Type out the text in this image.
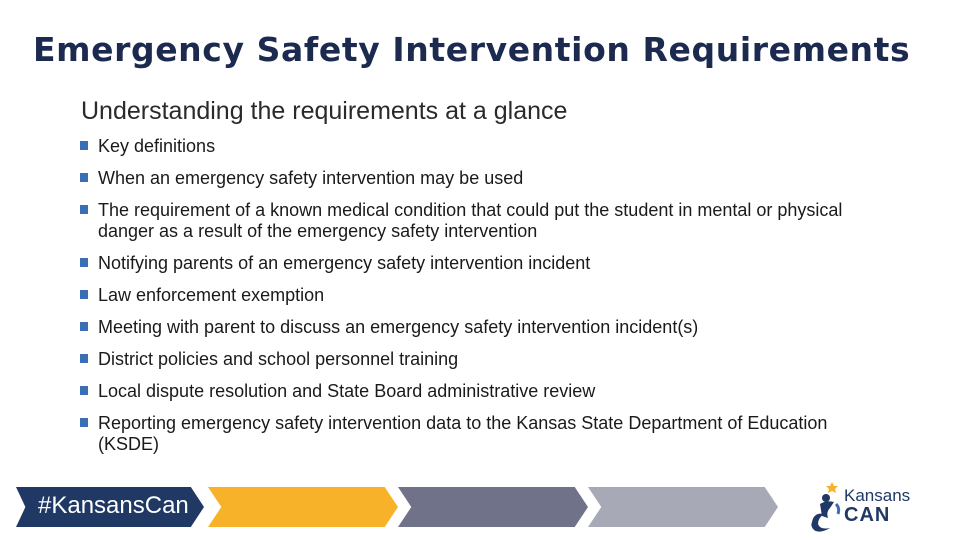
Emergency Safety Intervention Requirements
Understanding the requirements at a glance
Key definitions
When an emergency safety intervention may be used
The requirement of a known medical condition that could put the student in mental or physical danger as a result of the emergency safety intervention
Notifying parents of an emergency safety intervention incident
Law enforcement exemption
Meeting with parent to discuss an emergency safety intervention incident(s)
District policies and school personnel training
Local dispute resolution and State Board administrative review
Reporting emergency safety intervention data to the Kansas State Department of Education (KSDE)
#KansansCan	Kansans
CAN
